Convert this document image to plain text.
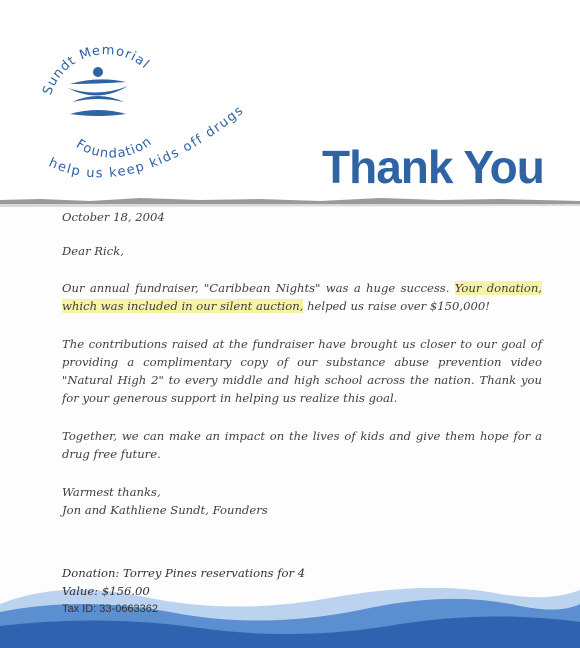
Sundt Memorial
Foundation
help us keep kids off drugs
Thank You

October 18, 2004

Dear Rick,

Our annual fundraiser, "Caribbean Nights" was a huge success. Your donation, which was included in our silent auction, helped us raise over $150,000!

The contributions raised at the fundraiser have brought us closer to our goal of providing a complimentary copy of our substance abuse prevention video "Natural High 2" to every middle and high school across the nation. Thank you for your generous support in helping us realize this goal.

Together, we can make an impact on the lives of kids and give them hope for a drug free future.

Warmest thanks,

Jon and Kathliene Sundt, Founders

Donation: Torrey Pines reservations for 4
Value: $156.00
Tax ID: 33-0663362
